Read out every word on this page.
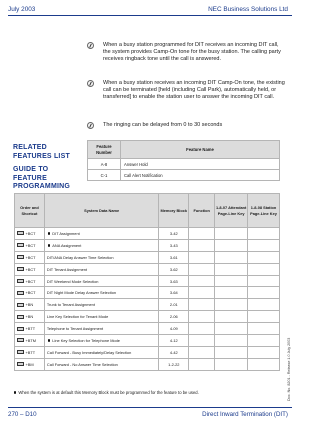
July 2003	NEC Business Solutions Ltd
When a busy station programmed for DIT receives an incoming DIT call, the system provides Camp-On tone for the busy station. The calling party receives ringback tone until the call is answered.
When a busy station receives an incoming DIT Camp-On tone, the existing call can be terminated [held (including Call Park), automatically held, or transferred] to enable the station user to answer the incoming DIT call.
The ringing can be delayed from 0 to 30 seconds
RELATED
FEATURES LIST
Feature Number	Feature Name
A-8	Answer Hold
C-1	Call Alert Notification
GUIDE TO
FEATURE
PROGRAMMING
Order and Shortcut	System Data Name	Memory Block	Function	1-8-07 Attendant Page-Line Key	1-8-08 Station Page-Line Key
+BCT	DIT Assignment	3-42			
+BCT	ANA Assignment	3-43			
+BCT	DIT/ANA Delay Answer Time Selection	3-61			
+BCT	DIT Tenant Assignment	3-62			
+BCT	DIT Weekend Mode Selection	3-63			
+BCT	DIT Night Mode Delay Answer Selection	3-64			
+BN	Trunk to Tenant Assignment	2-01			
+BN	Line Key Selection for Tenant Mode	2-06			
+BTT	Telephone to Tenant Assignment	4-09			
+BTM	Line Key Selection for Telephone Mode	4-12			
+BTT	Call Forward - Busy Immediately/Delay Selection	4-42			
+BM	Call Forward - No Answer Time Selection	1-2-22			
When the system is at default this Memory Block must be programmed for the feature to be used.	Doc. No. 8201 - Release 1.0 July 2003
270 – D10	Direct Inward Termination (DIT)
